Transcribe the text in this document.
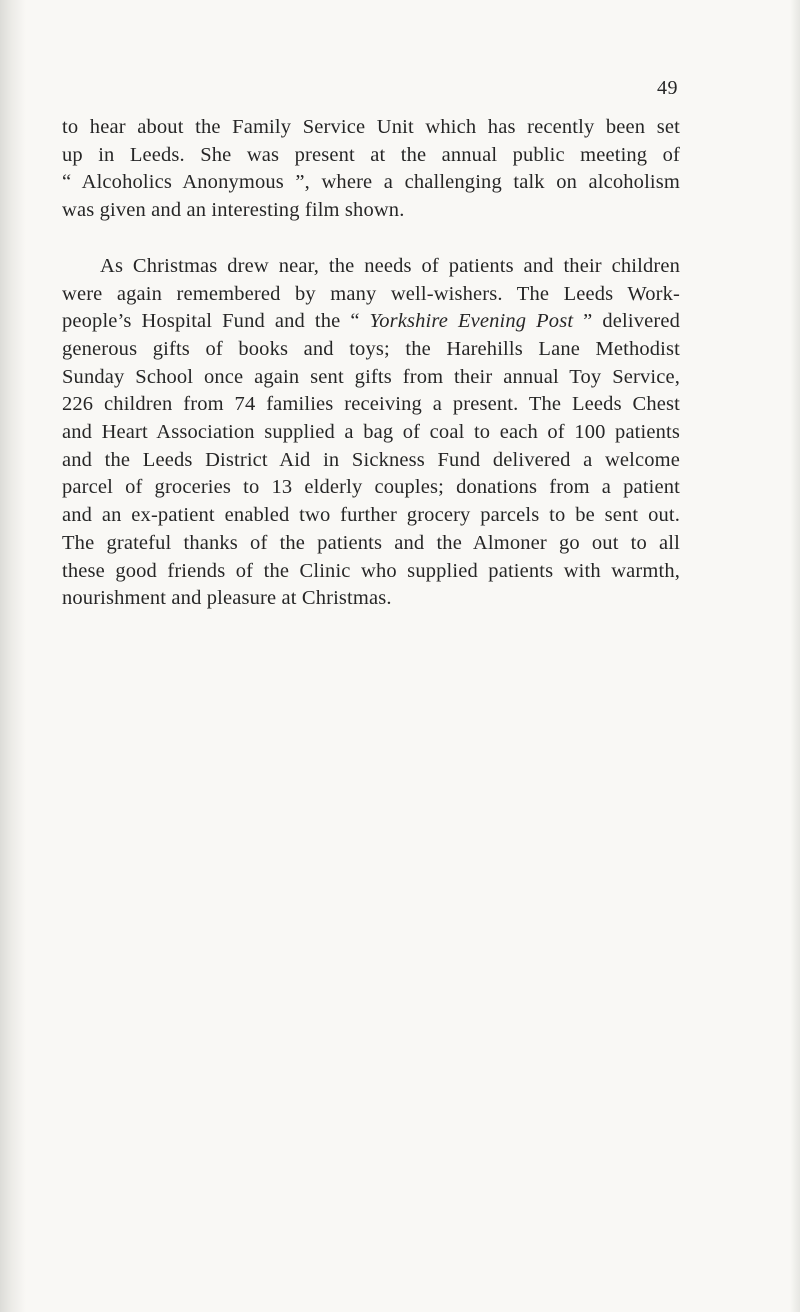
49
to hear about the Family Service Unit which has recently been set
up in Leeds. She was present at the annual public meeting of
“ Alcoholics Anonymous ”, where a challenging talk on alcoholism
was given and an interesting film shown.
As Christmas drew near, the needs of patients and their children
were again remembered by many well-wishers. The Leeds Work-
people’s Hospital Fund and the “ Yorkshire Evening Post ” delivered
generous gifts of books and toys; the Harehills Lane Methodist
Sunday School once again sent gifts from their annual Toy Service,
226 children from 74 families receiving a present. The Leeds Chest
and Heart Association supplied a bag of coal to each of 100 patients
and the Leeds District Aid in Sickness Fund delivered a welcome
parcel of groceries to 13 elderly couples; donations from a patient
and an ex-patient enabled two further grocery parcels to be sent out.
The grateful thanks of the patients and the Almoner go out to all
these good friends of the Clinic who supplied patients with warmth,
nourishment and pleasure at Christmas.
